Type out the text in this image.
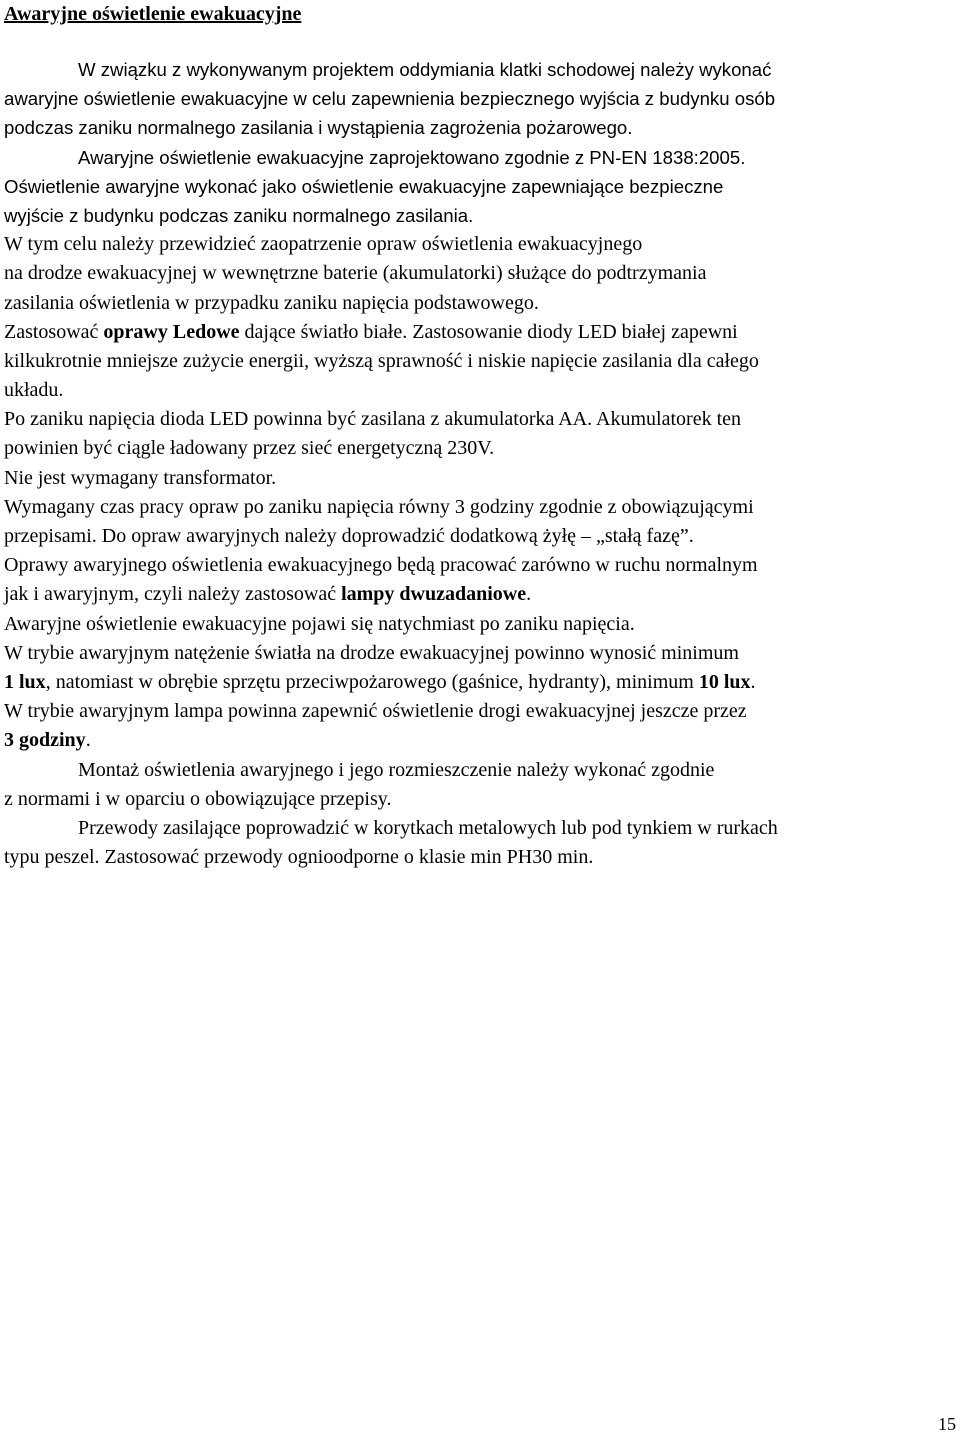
Awaryjne oświetlenie ewakuacyjne
W związku z wykonywanym projektem oddymiania klatki schodowej należy wykonać
awaryjne oświetlenie ewakuacyjne w celu zapewnienia bezpiecznego wyjścia z budynku osób
podczas zaniku normalnego zasilania i wystąpienia zagrożenia pożarowego.
Awaryjne oświetlenie ewakuacyjne zaprojektowano zgodnie z PN-EN 1838:2005.
Oświetlenie awaryjne wykonać jako oświetlenie ewakuacyjne zapewniające bezpieczne
wyjście z budynku podczas zaniku normalnego zasilania.
W tym celu należy przewidzieć zaopatrzenie opraw oświetlenia ewakuacyjnego
na drodze ewakuacyjnej w wewnętrzne baterie (akumulatorki) służące do podtrzymania
zasilania oświetlenia w przypadku zaniku napięcia podstawowego.
Zastosować oprawy Ledowe dające światło białe. Zastosowanie diody LED białej zapewni
kilkukrotnie mniejsze zużycie energii, wyższą sprawność i niskie napięcie zasilania dla całego
układu.
Po zaniku napięcia dioda LED powinna być zasilana z akumulatorka AA. Akumulatorek ten
powinien być ciągle ładowany przez sieć energetyczną 230V.
Nie jest wymagany transformator.
Wymagany czas pracy opraw po zaniku napięcia równy 3 godziny zgodnie z obowiązującymi
przepisami. Do opraw awaryjnych należy doprowadzić dodatkową żyłę – „stałą fazę”.
Oprawy awaryjnego oświetlenia ewakuacyjnego będą pracować zarówno w ruchu normalnym
jak i awaryjnym, czyli należy zastosować lampy dwuzadaniowe.
Awaryjne oświetlenie ewakuacyjne pojawi się natychmiast po zaniku napięcia.
W trybie awaryjnym natężenie światła na drodze ewakuacyjnej powinno wynosić minimum
1 lux, natomiast w obrębie sprzętu przeciwpożarowego (gaśnice, hydranty), minimum 10 lux.
W trybie awaryjnym lampa powinna zapewnić oświetlenie drogi ewakuacyjnej jeszcze przez
3 godziny.
Montaż oświetlenia awaryjnego i jego rozmieszczenie należy wykonać zgodnie
z normami i w oparciu o obowiązujące przepisy.
Przewody zasilające poprowadzić w korytkach metalowych lub pod tynkiem w rurkach
typu peszel. Zastosować przewody ognioodporne o klasie min PH30 min.
15
